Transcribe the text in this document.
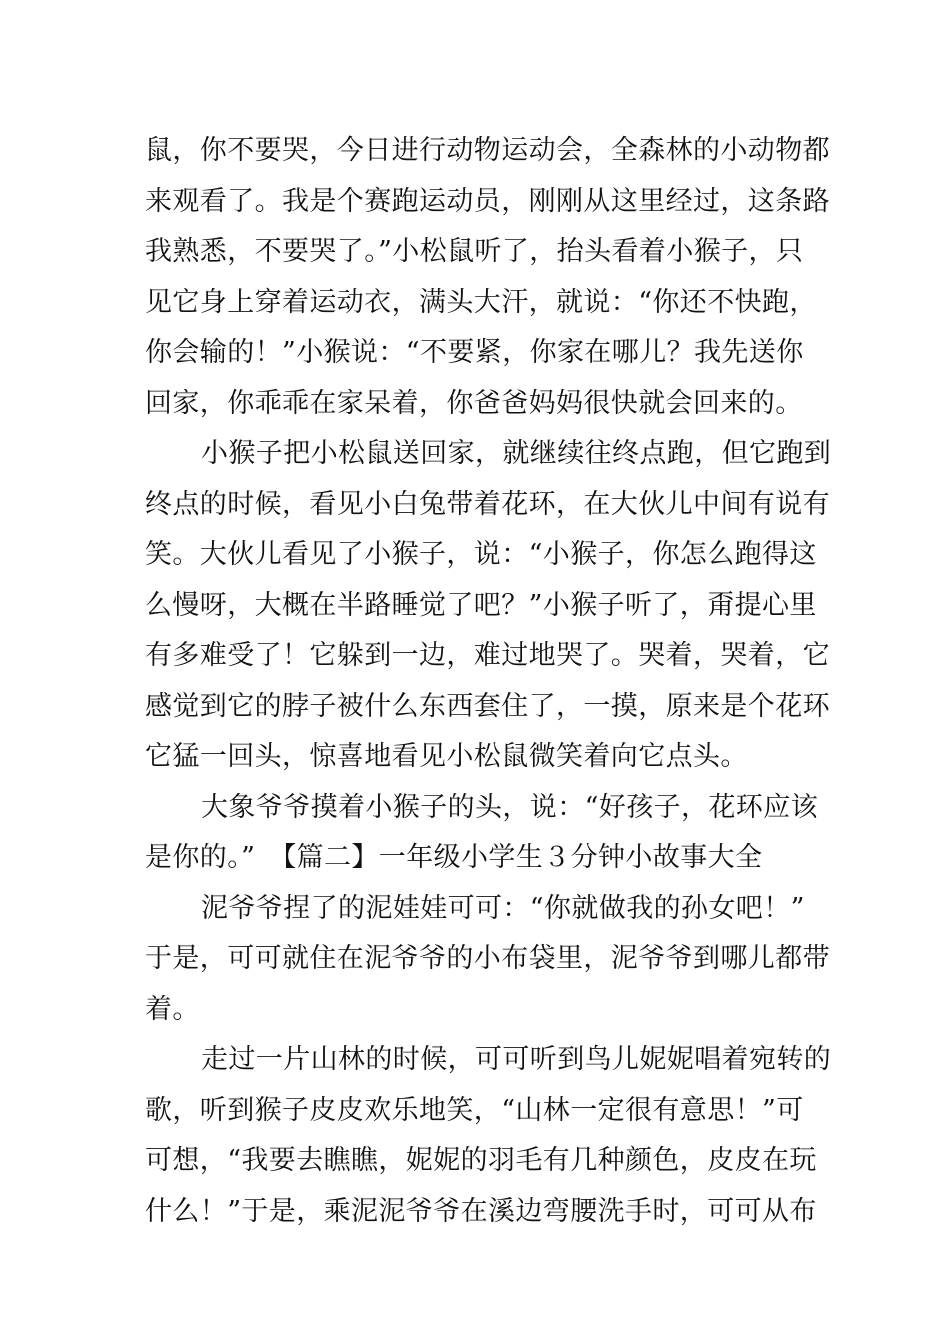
鼠，你不要哭，今日进行动物运动会，全森林的小动物都
来观看了。我是个赛跑运动员，刚刚从这里经过，这条路
我熟悉，不要哭了。”小松鼠听了，抬头看着小猴子，只
见它身上穿着运动衣，满头大汗，就说：“你还不快跑，
你会输的！”小猴说：“不要紧，你家在哪儿？我先送你
回家，你乖乖在家呆着，你爸爸妈妈很快就会回来的。
小猴子把小松鼠送回家，就继续往终点跑，但它跑到
终点的时候，看见小白兔带着花环，在大伙儿中间有说有
笑。大伙儿看见了小猴子，说：“小猴子，你怎么跑得这
么慢呀，大概在半路睡觉了吧？”小猴子听了，甭提心里
有多难受了！它躲到一边，难过地哭了。哭着，哭着，它
感觉到它的脖子被什么东西套住了，一摸，原来是个花环
它猛一回头，惊喜地看见小松鼠微笑着向它点头。
大象爷爷摸着小猴子的头，说：“好孩子，花环应该
是你的。”　【篇二】一年级小学生３分钟小故事大全
泥爷爷捏了的泥娃娃可可：“你就做我的孙女吧！”
于是，可可就住在泥爷爷的小布袋里，泥爷爷到哪儿都带
着。
走过一片山林的时候，可可听到鸟儿妮妮唱着宛转的
歌，听到猴子皮皮欢乐地笑，“山林一定很有意思！”可
可想，“我要去瞧瞧，妮妮的羽毛有几种颜色，皮皮在玩
什么！”于是，乘泥泥爷爷在溪边弯腰洗手时，可可从布
